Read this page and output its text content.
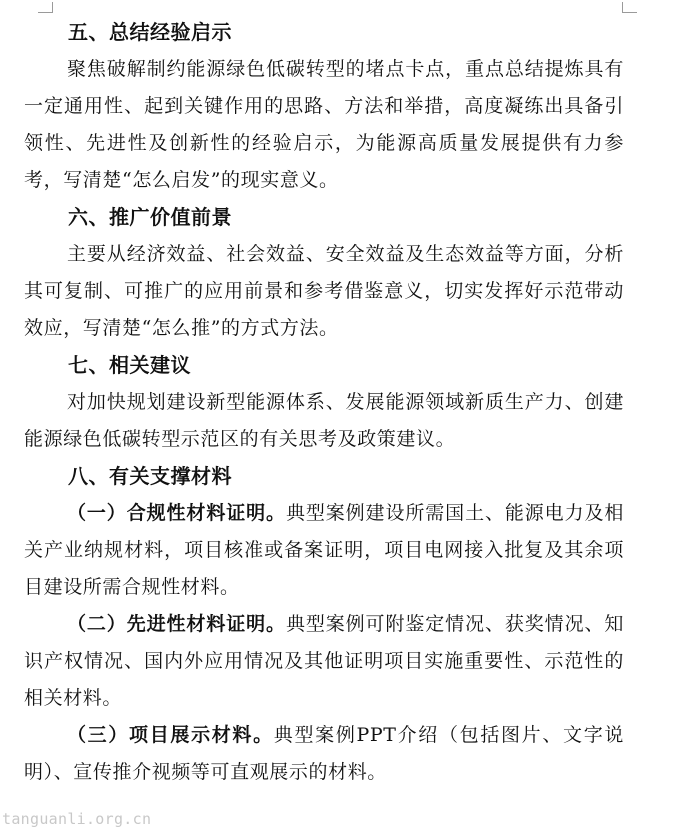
五、总结经验启示

聚焦破解制约能源绿色低碳转型的堵点卡点，重点总结提炼具有一定通用性、起到关键作用的思路、方法和举措，高度凝练出具备引领性、先进性及创新性的经验启示，为能源高质量发展提供有力参考，写清楚“怎么启发”的现实意义。

六、推广价值前景

主要从经济效益、社会效益、安全效益及生态效益等方面，分析其可复制、可推广的应用前景和参考借鉴意义，切实发挥好示范带动效应，写清楚“怎么推”的方式方法。

七、相关建议

对加快规划建设新型能源体系、发展能源领域新质生产力、创建能源绿色低碳转型示范区的有关思考及政策建议。

八、有关支撑材料

（一）合规性材料证明。典型案例建设所需国土、能源电力及相关产业纳规材料，项目核准或备案证明，项目电网接入批复及其余项目建设所需合规性材料。

（二）先进性材料证明。典型案例可附鉴定情况、获奖情况、知识产权情况、国内外应用情况及其他证明项目实施重要性、示范性的相关材料。

（三）项目展示材料。典型案例PPT介绍（包括图片、文字说明）、宣传推介视频等可直观展示的材料。

tanguanli.org.cn
